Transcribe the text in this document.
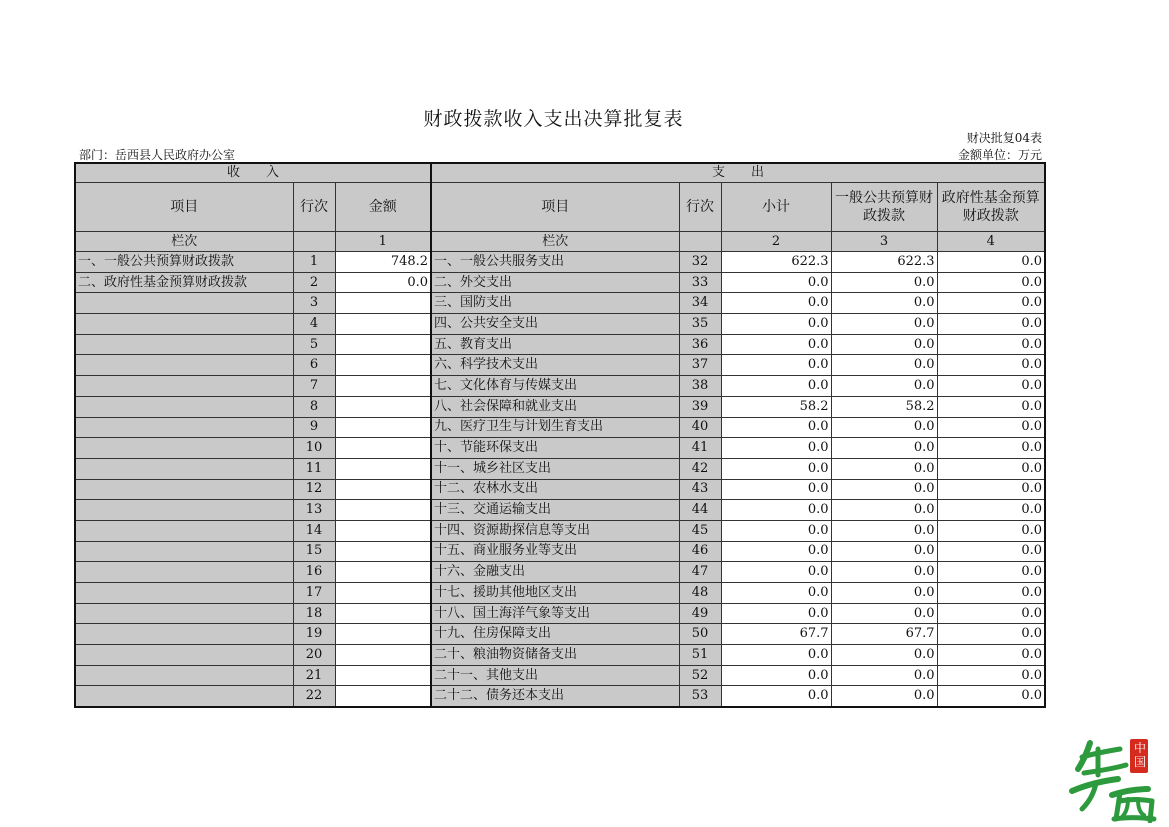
财政拨款收入支出决算批复表
财决批复04表
部门：岳西县人民政府办公室	金额单位：万元
收　　入			支　　出				
项目	行次	金额	项目	行次	小计	一般公共预算财政拨款	政府性基金预算财政拨款
栏次		1	栏次		2	3	4
一、一般公共预算财政拨款	1	748.2	一、一般公共服务支出	32	622.3	622.3	0.0
二、政府性基金预算财政拨款	2	0.0	二、外交支出	33	0.0	0.0	0.0
	3		三、国防支出	34	0.0	0.0	0.0
	4		四、公共安全支出	35	0.0	0.0	0.0
	5		五、教育支出	36	0.0	0.0	0.0
	6		六、科学技术支出	37	0.0	0.0	0.0
	7		七、文化体育与传媒支出	38	0.0	0.0	0.0
	8		八、社会保障和就业支出	39	58.2	58.2	0.0
	9		九、医疗卫生与计划生育支出	40	0.0	0.0	0.0
	10		十、节能环保支出	41	0.0	0.0	0.0
	11		十一、城乡社区支出	42	0.0	0.0	0.0
	12		十二、农林水支出	43	0.0	0.0	0.0
	13		十三、交通运输支出	44	0.0	0.0	0.0
	14		十四、资源勘探信息等支出	45	0.0	0.0	0.0
	15		十五、商业服务业等支出	46	0.0	0.0	0.0
	16		十六、金融支出	47	0.0	0.0	0.0
	17		十七、援助其他地区支出	48	0.0	0.0	0.0
	18		十八、国土海洋气象等支出	49	0.0	0.0	0.0
	19		十九、住房保障支出	50	67.7	67.7	0.0
	20		二十、粮油物资储备支出	51	0.0	0.0	0.0
	21		二十一、其他支出	52	0.0	0.0	0.0
	22		二十二、债务还本支出	53	0.0	0.0	0.0
中国
